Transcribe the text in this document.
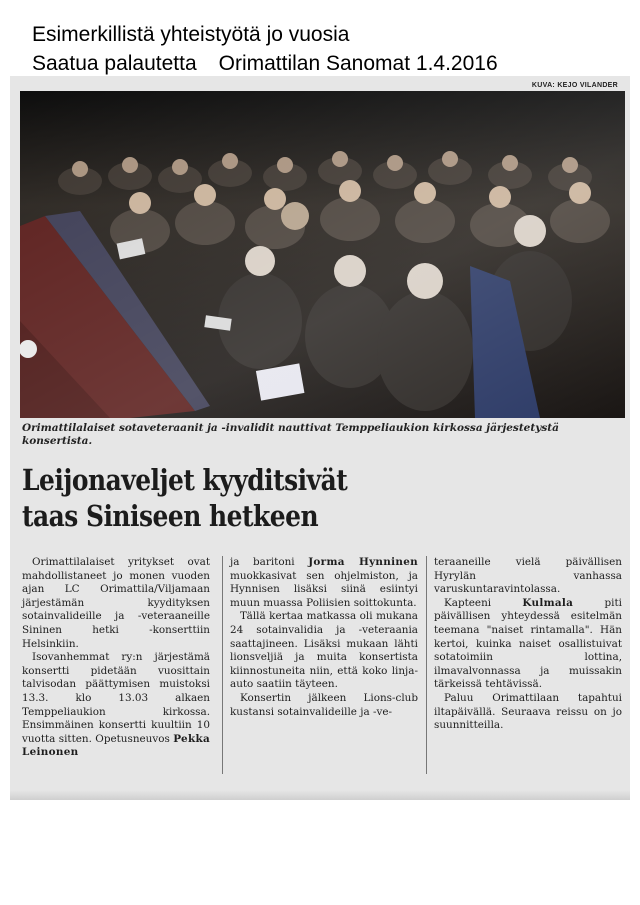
Esimerkillistä yhteistyötä jo vuosia
Saatua palautetta Orimattilan Sanomat 1.4.2016
KUVA: KEJO VILANDER
Orimattilalaiset sotaveteraanit ja -invalidit nauttivat Temppeliaukion kirkossa järjestetystä konsertista.
Leijonaveljet kyyditsivät
taas Siniseen hetkeen

Orimattilalaiset yritykset ovat mahdollistaneet jo monen vuoden ajan LC Orimattila/Viljamaan järjestämän kyydityksen sotainvalideille ja -veteraaneille Sininen hetki -konserttiin Helsinkiin.

Isovanhemmat ry:n järjestämä konsertti pidetään vuosittain talvisodan päättymisen muistoksi 13.3. klo 13.03 alkaen Temppeliaukion kirkossa. Ensimmäinen konsertti kuultiin 10 vuotta sitten. Opetusneuvos Pekka Leinonen

ja baritoni Jorma Hynninen muokkasivat sen ohjelmiston, ja Hynnisen lisäksi siinä esiintyi muun muassa Poliisien soittokunta.

Tällä kertaa matkassa oli mukana 24 sotainvalidia ja -veteraania saattajineen. Lisäksi mukaan lähti lionsveljiä ja muita konsertista kiinnostuneita niin, että koko linja-auto saatiin täyteen.

Konsertin jälkeen Lions-club kustansi sotainvalideille ja -ve-

teraaneille vielä päivällisen Hyrylän vanhassa varuskuntaravintolassa.

Kapteeni	Kulmala	piti päivällisen yhteydessä esitelmän teemana "naiset rintamalla". Hän kertoi, kuinka naiset osallistuivat sotatoimiin lottina, ilmavalvonnassa ja muissakin tärkeissä tehtävissä.

Paluu Orimattilaan tapahtui iltapäivällä. Seuraava reissu on jo suunnitteilla.
